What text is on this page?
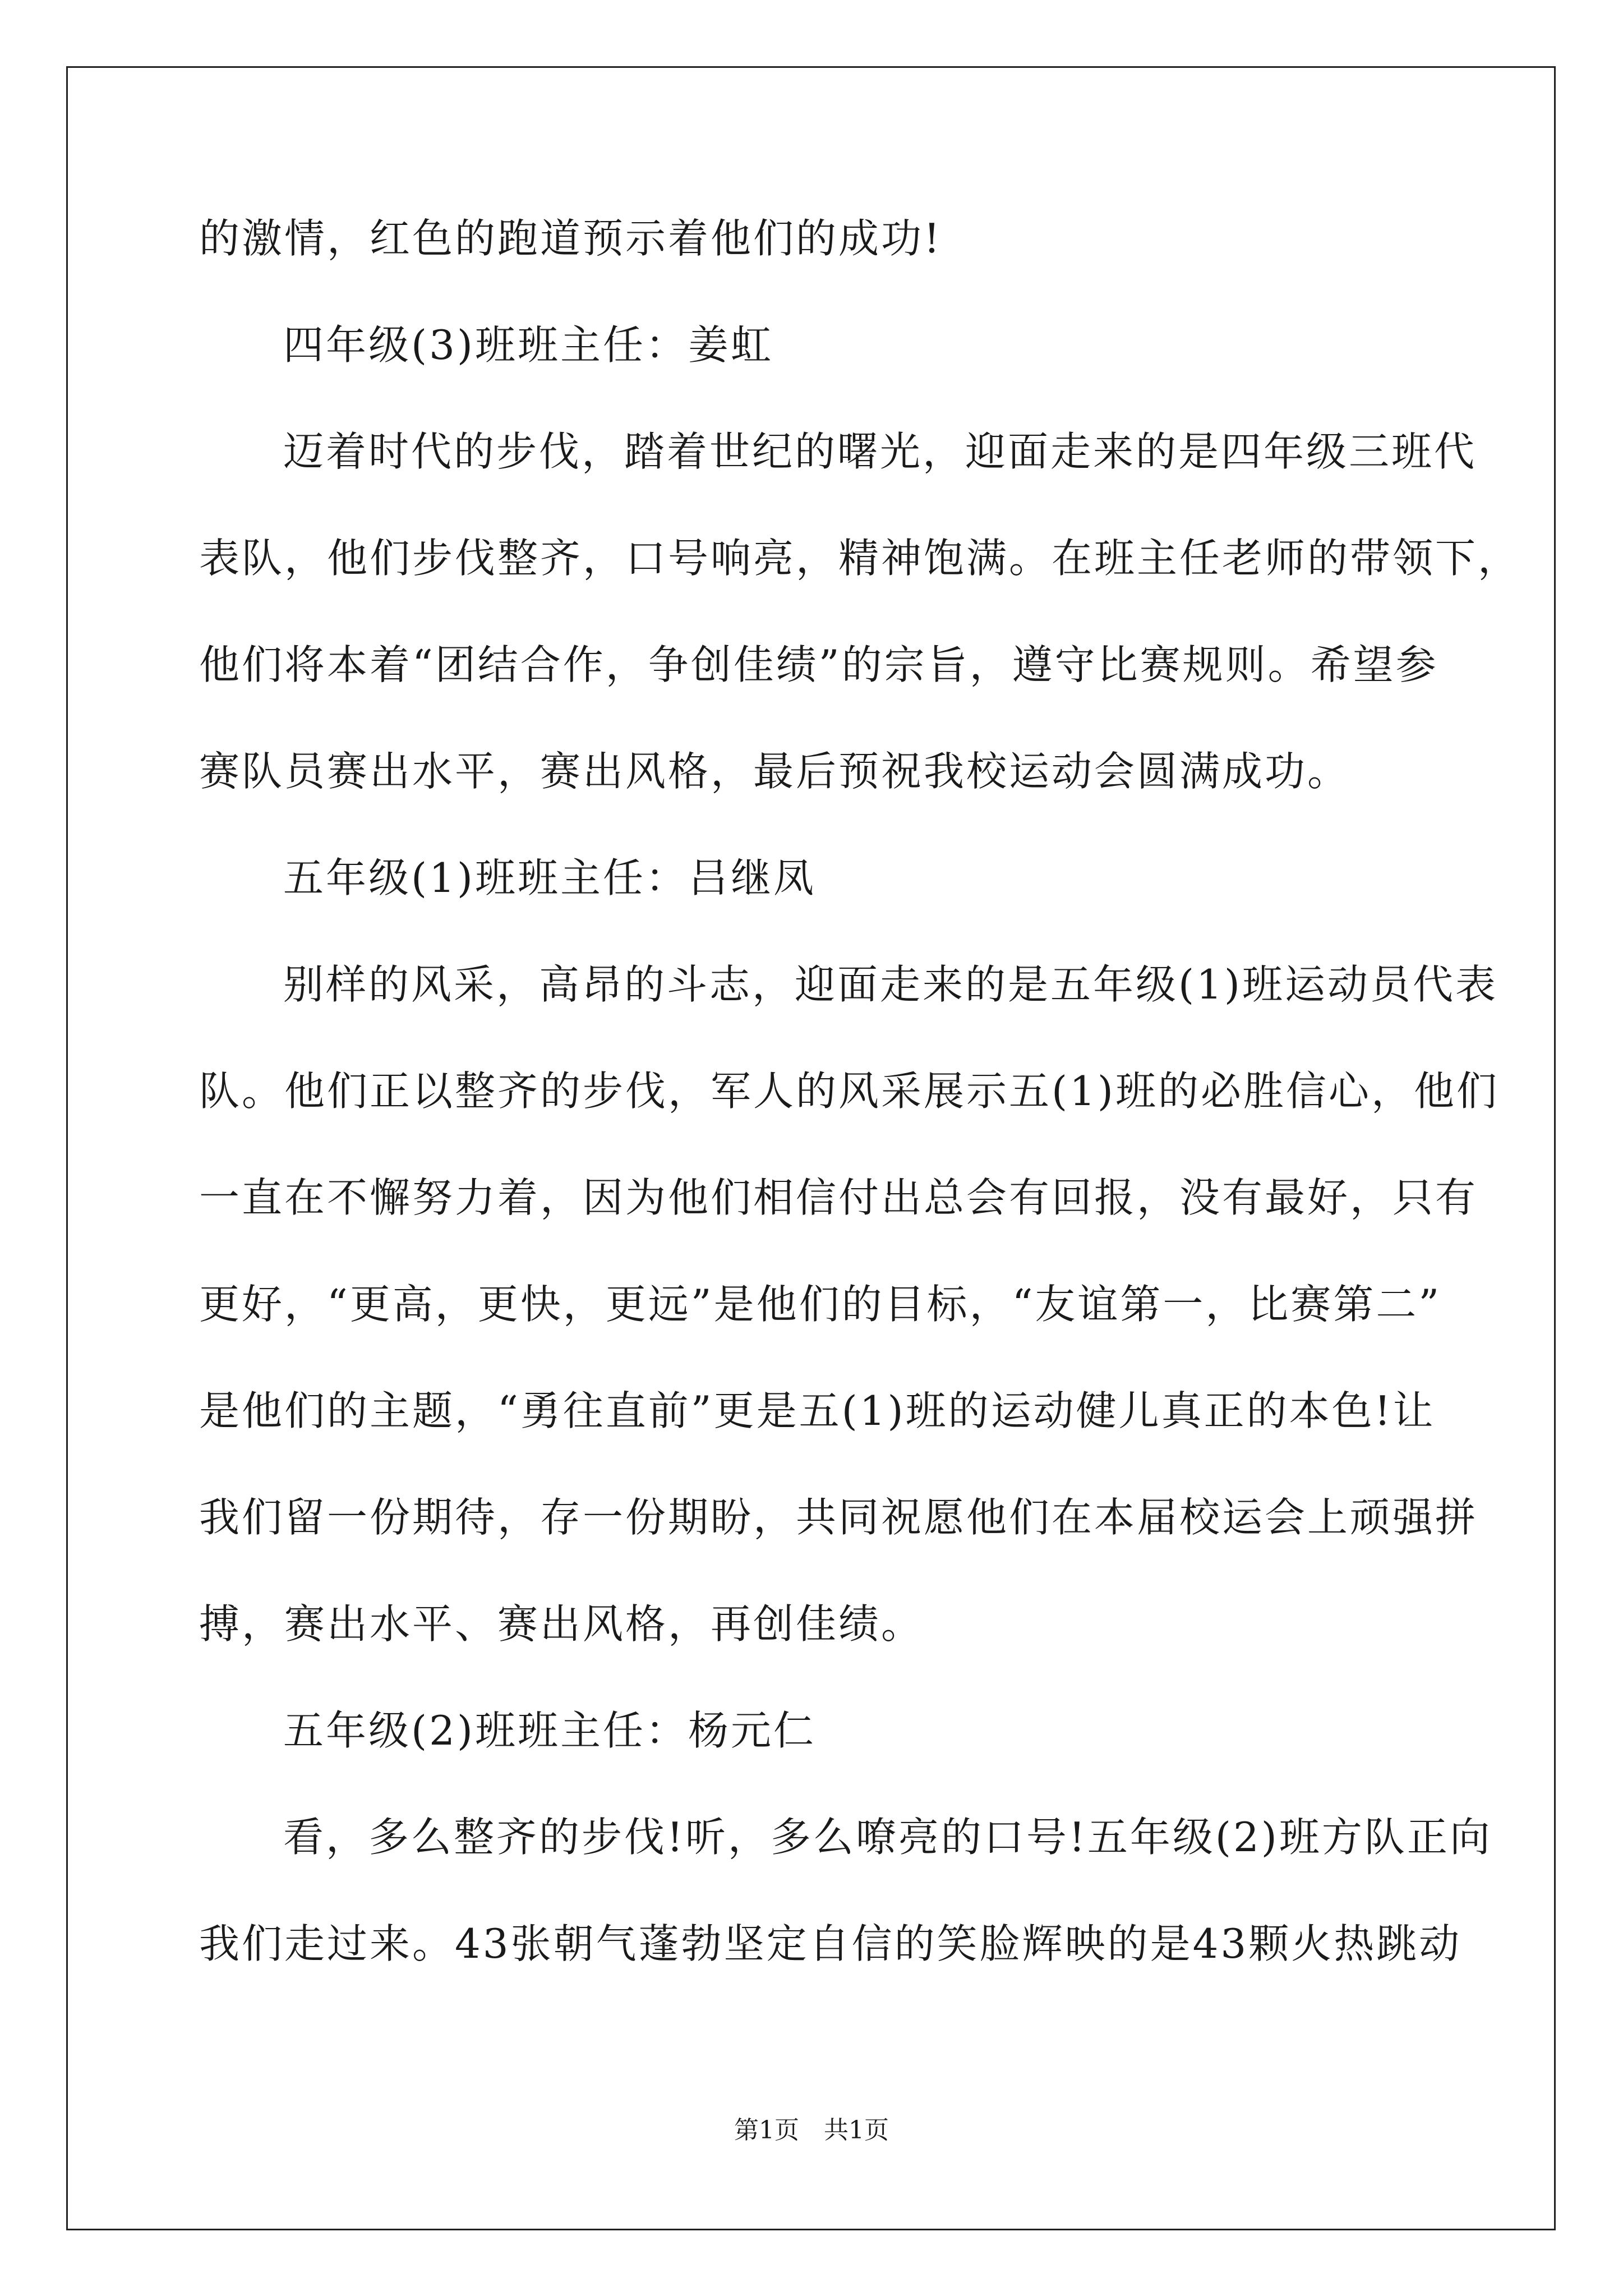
的激情，红色的跑道预示着他们的成功!
四年级(3)班班主任：姜虹
迈着时代的步伐，踏着世纪的曙光，迎面走来的是四年级三班代
表队，他们步伐整齐，口号响亮，精神饱满。在班主任老师的带领下，
他们将本着“团结合作，争创佳绩”的宗旨，遵守比赛规则。希望参
赛队员赛出水平，赛出风格，最后预祝我校运动会圆满成功。
五年级(1)班班主任：吕继凤
别样的风采，高昂的斗志，迎面走来的是五年级(1)班运动员代表
队。他们正以整齐的步伐，军人的风采展示五(1)班的必胜信心，他们
一直在不懈努力着，因为他们相信付出总会有回报，没有最好，只有
更好，“更高，更快，更远”是他们的目标，“友谊第一，比赛第二”
是他们的主题，“勇往直前”更是五(1)班的运动健儿真正的本色!让
我们留一份期待，存一份期盼，共同祝愿他们在本届校运会上顽强拼
搏，赛出水平、赛出风格，再创佳绩。
五年级(2)班班主任：杨元仁
看，多么整齐的步伐!听，多么嘹亮的口号!五年级(2)班方队正向
我们走过来。43张朝气蓬勃坚定自信的笑脸辉映的是43颗火热跳动
第1页　共1页
